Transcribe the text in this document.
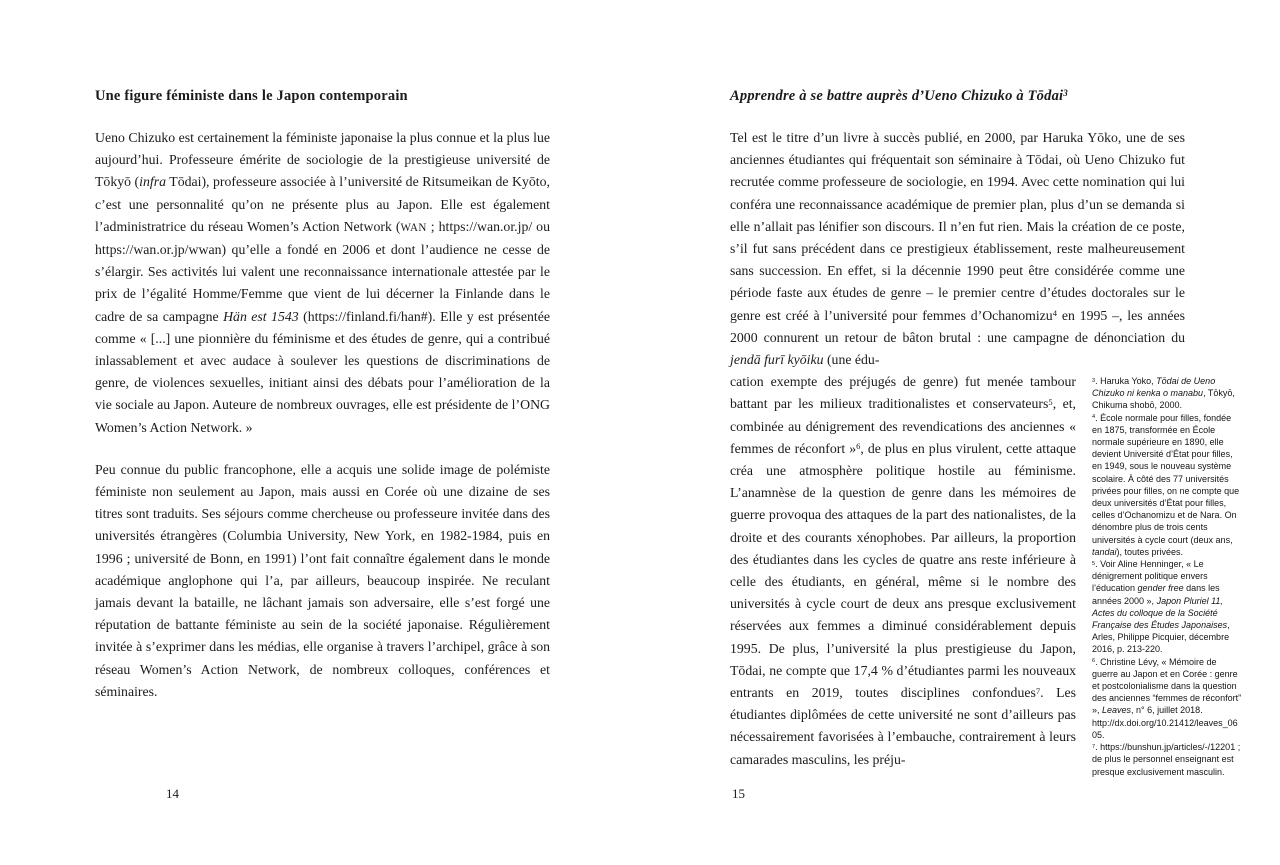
Une figure féministe dans le Japon contemporain

Ueno Chizuko est certainement la féministe japonaise la plus connue et la plus lue aujourd’hui. Professeure émérite de sociologie de la prestigieuse université de Tōkyō (infra Tōdai), professeure associée à l’université de Ritsumeikan de Kyōto, c’est une personnalité qu’on ne présente plus au Japon. Elle est également l’administratrice du réseau Women’s Action Network (WAN ; https://wan.or.jp/ ou https://wan.or.jp/wwan) qu’elle a fondé en 2006 et dont l’audience ne cesse de s’élargir. Ses activités lui valent une reconnaissance internationale attestée par le prix de l’égalité Homme/Femme que vient de lui décerner la Finlande dans le cadre de sa campagne Hän est 1543 (https://finland.fi/han#). Elle y est présentée comme « [...] une pionnière du féminisme et des études de genre, qui a contribué inlassablement et avec audace à soulever les questions de discriminations de genre, de violences sexuelles, initiant ainsi des débats pour l’amélioration de la vie sociale au Japon. Auteure de nombreux ouvrages, elle est présidente de l’ONG Women’s Action Network. »

Peu connue du public francophone, elle a acquis une solide image de polémiste féministe non seulement au Japon, mais aussi en Corée où une dizaine de ses titres sont traduits. Ses séjours comme chercheuse ou professeure invitée dans des universités étrangères (Columbia University, New York, en 1982-1984, puis en 1996 ; université de Bonn, en 1991) l’ont fait connaître également dans le monde académique anglophone qui l’a, par ailleurs, beaucoup inspirée. Ne reculant jamais devant la bataille, ne lâchant jamais son adversaire, elle s’est forgé une réputation de battante féministe au sein de la société japonaise. Régulièrement invitée à s’exprimer dans les médias, elle organise à travers l’archipel, grâce à son réseau Women’s Action Network, de nombreux colloques, conférences et séminaires.

Apprendre à se battre auprès d’Ueno Chizuko à Tōdai$^3$

Tel est le titre d’un livre à succès publié, en 2000, par Haruka Yōko, une de ses anciennes étudiantes qui fréquentait son séminaire à Tōdai, où Ueno Chizuko fut recrutée comme professeure de sociologie, en 1994. Avec cette nomination qui lui conféra une reconnaissance académique de premier plan, plus d’un se demanda si elle n’allait pas lénifier son discours. Il n’en fut rien. Mais la création de ce poste, s’il fut sans précédent dans ce prestigieux établissement, reste malheureusement sans succession. En effet, si la décennie 1990 peut être considérée comme une période faste aux études de genre – le premier centre d’études doctorales sur le genre est créé à l’université pour femmes d’Ochanomizu$^4$ en 1995 –, les années 2000 connurent un retour de bâton brutal : une campagne de dénonciation du jendā furī kyōiku (une édu-

cation exempte des préjugés de genre) fut menée tambour battant par les milieux traditionalistes et conservateurs$^5$, et, combinée au dénigrement des revendications des anciennes « femmes de réconfort »$^6$, de plus en plus virulent, cette attaque créa une atmosphère politique hostile au féminisme. L’anamnèse de la question de genre dans les mémoires de guerre provoqua des attaques de la part des nationalistes, de la droite et des courants xénophobes. Par ailleurs, la proportion des étudiantes dans les cycles de quatre ans reste inférieure à celle des étudiants, en général, même si le nombre des universités à cycle court de deux ans presque exclusivement réservées aux femmes a diminué considérablement depuis 1995. De plus, l’université la plus prestigieuse du Japon, Tōdai, ne compte que 17,4 % d’étudiantes parmi les nouveaux entrants en 2019, toutes disciplines confondues$^7$. Les étudiantes diplômées de cette université ne sont d’ailleurs pas nécessairement favorisées à l’embauche, contrairement à leurs camarades masculins, les préju-

$^3$. Haruka Yoko, Tōdai de Ueno Chizuko ni kenka o manabu, Tōkyō, Chikuma shobō, 2000.
$^4$. École normale pour filles, fondée en 1875, transformée en École normale supérieure en 1890, elle devient Université d’État pour filles, en 1949, sous le nouveau système scolaire. À côté des 77 universités privées pour filles, on ne compte que deux universités d’État pour filles, celles d’Ochanomizu et de Nara. On dénombre plus de trois cents universités à cycle court (deux ans, tandai), toutes privées.
$^5$. Voir Aline Henninger, « Le dénigrement politique envers l’éducation gender free dans les années 2000 », Japon Pluriel 11, Actes du colloque de la Société Française des Études Japonaises, Arles, Philippe Picquier, décembre 2016, p. 213-220.
$^6$. Christine Lévy, « Mémoire de guerre au Japon et en Corée : genre et postcolonialisme dans la question des anciennes “femmes de réconfort” », Leaves, n° 6, juillet 2018. http://dx.doi.org/10.21412/leaves_0605.
$^7$. https://bunshun.jp/articles/-/12201 ; de plus le personnel enseignant est presque exclusivement masculin.
14	15
